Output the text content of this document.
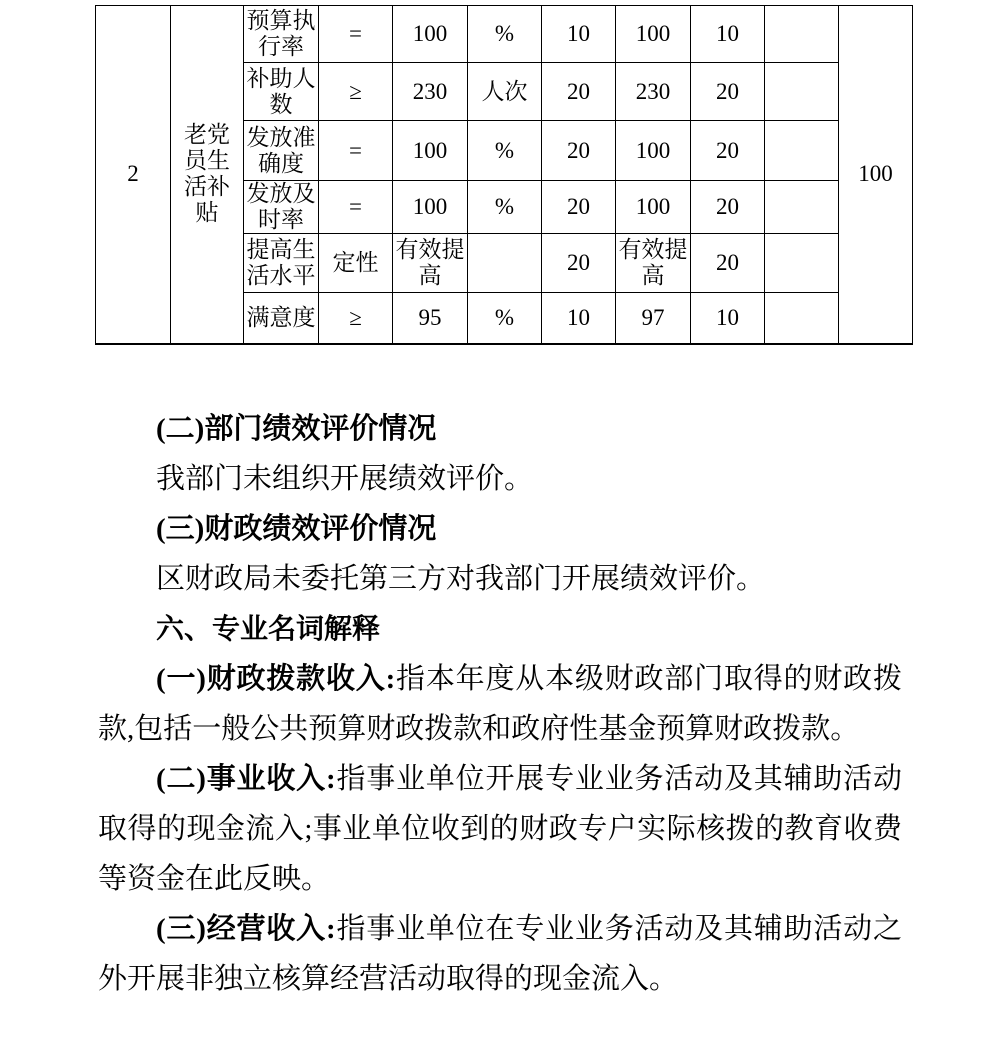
2	老党员生活补贴	预算执行率	=	100	%	10	100	10		100
		补助人数	≥	230	人次	20	230	20		
		发放准确度	=	100	%	20	100	20		
		发放及时率	=	100	%	20	100	20		
		提高生活水平	定性	有效提高		20	有效提高	20		
		满意度	≥	95	%	10	97	10		
(二)部门绩效评价情况
我部门未组织开展绩效评价。
(三)财政绩效评价情况
区财政局未委托第三方对我部门开展绩效评价。
六、专业名词解释
(一)财政拨款收入:指本年度从本级财政部门取得的财政拨款,包括一般公共预算财政拨款和政府性基金预算财政拨款。
(二)事业收入:指事业单位开展专业业务活动及其辅助活动取得的现金流入;事业单位收到的财政专户实际核拨的教育收费等资金在此反映。
(三)经营收入:指事业单位在专业业务活动及其辅助活动之外开展非独立核算经营活动取得的现金流入。
